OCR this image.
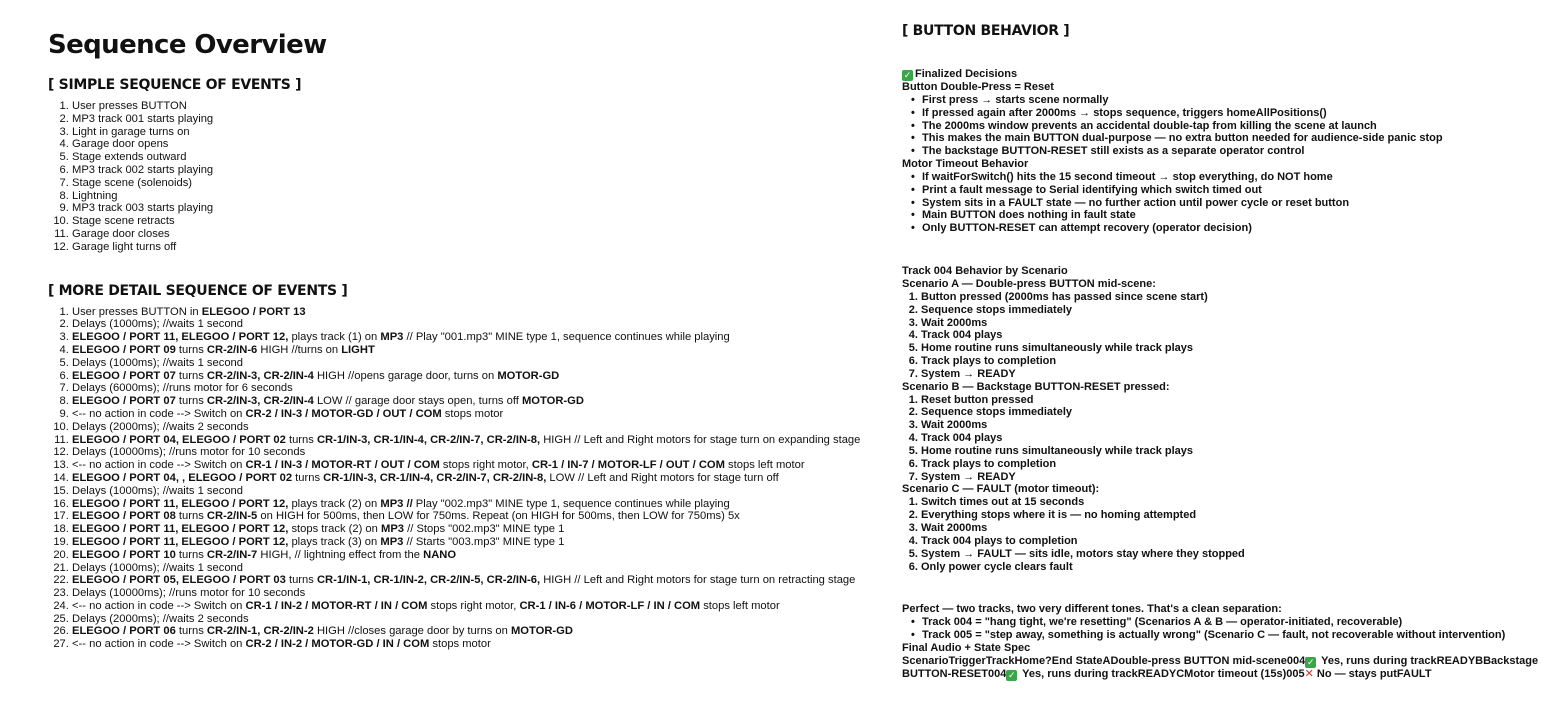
Sequence Overview
[ SIMPLE SEQUENCE OF EVENTS ]
1. User presses BUTTON
2. MP3 track 001 starts playing
3. Light in garage turns on
4. Garage door opens
5. Stage extends outward
6. MP3 track 002 starts playing
7. Stage scene (solenoids)
8. Lightning
9. MP3 track 003 starts playing
10. Stage scene retracts
11. Garage door closes
12. Garage light turns off
[ MORE DETAIL SEQUENCE OF EVENTS ]
1. User presses BUTTON in ELEGOO / PORT 13
2. Delays (1000ms); //waits 1 second
3. ELEGOO / PORT 11, ELEGOO / PORT 12, plays track (1) on MP3 // Play "001.mp3" MINE type 1, sequence continues while playing
4. ELEGOO / PORT 09 turns CR-2/IN-6 HIGH //turns on LIGHT
5. Delays (1000ms); //waits 1 second
6. ELEGOO / PORT 07 turns CR-2/IN-3, CR-2/IN-4 HIGH //opens garage door, turns on MOTOR-GD
7. Delays (6000ms); //runs motor for 6 seconds
8. ELEGOO / PORT 07 turns CR-2/IN-3, CR-2/IN-4 LOW // garage door stays open, turns off MOTOR-GD
9. <-- no action in code --> Switch on CR-2 / IN-3 / MOTOR-GD / OUT / COM stops motor
10. Delays (2000ms); //waits 2 seconds
11. ELEGOO / PORT 04, ELEGOO / PORT 02 turns CR-1/IN-3, CR-1/IN-4, CR-2/IN-7, CR-2/IN-8, HIGH // Left and Right motors for stage turn on expanding stage
12. Delays (10000ms); //runs motor for 10 seconds
13. <-- no action in code --> Switch on CR-1 / IN-3 / MOTOR-RT / OUT / COM stops right motor, CR-1 / IN-7 / MOTOR-LF / OUT / COM stops left motor
14. ELEGOO / PORT 04, , ELEGOO / PORT 02 turns CR-1/IN-3, CR-1/IN-4, CR-2/IN-7, CR-2/IN-8, LOW // Left and Right motors for stage turn off
15. Delays (1000ms); //waits 1 second
16. ELEGOO / PORT 11, ELEGOO / PORT 12, plays track (2) on MP3 // Play "002.mp3" MINE type 1, sequence continues while playing
17. ELEGOO / PORT 08 turns CR-2/IN-5 on HIGH for 500ms, then LOW for 750ms. Repeat (on HIGH for 500ms, then LOW for 750ms) 5x
18. ELEGOO / PORT 11, ELEGOO / PORT 12, stops track (2) on MP3 // Stops "002.mp3" MINE type 1
19. ELEGOO / PORT 11, ELEGOO / PORT 12, plays track (3) on MP3 // Starts "003.mp3" MINE type 1
20. ELEGOO / PORT 10 turns CR-2/IN-7 HIGH, // lightning effect from the NANO
21. Delays (1000ms); //waits 1 second
22. ELEGOO / PORT 05, ELEGOO / PORT 03 turns CR-1/IN-1, CR-1/IN-2, CR-2/IN-5, CR-2/IN-6, HIGH // Left and Right motors for stage turn on retracting stage
23. Delays (10000ms); //runs motor for 10 seconds
24. <-- no action in code --> Switch on CR-1 / IN-2 / MOTOR-RT / IN / COM stops right motor, CR-1 / IN-6 / MOTOR-LF / IN / COM stops left motor
25. Delays (2000ms); //waits 2 seconds
26. ELEGOO / PORT 06 turns CR-2/IN-1, CR-2/IN-2 HIGH //closes garage door by turns on MOTOR-GD
27. <-- no action in code --> Switch on CR-2 / IN-2 / MOTOR-GD / IN / COM stops motor
[ BUTTON BEHAVIOR ]
✓ Finalized Decisions
Button Double-Press = Reset
• First press → starts scene normally
• If pressed again after 2000ms → stops sequence, triggers homeAllPositions()
• The 2000ms window prevents an accidental double-tap from killing the scene at launch
• This makes the main BUTTON dual-purpose — no extra button needed for audience-side panic stop
• The backstage BUTTON-RESET still exists as a separate operator control
Motor Timeout Behavior
• If waitForSwitch() hits the 15 second timeout → stop everything, do NOT home
• Print a fault message to Serial identifying which switch timed out
• System sits in a FAULT state — no further action until power cycle or reset button
• Main BUTTON does nothing in fault state
• Only BUTTON-RESET can attempt recovery (operator decision)
Track 004 Behavior by Scenario
Scenario A — Double-press BUTTON mid-scene:
1. Button pressed (2000ms has passed since scene start)
2. Sequence stops immediately
3. Wait 2000ms
4. Track 004 plays
5. Home routine runs simultaneously while track plays
6. Track plays to completion
7. System → READY
Scenario B — Backstage BUTTON-RESET pressed:
1. Reset button pressed
2. Sequence stops immediately
3. Wait 2000ms
4. Track 004 plays
5. Home routine runs simultaneously while track plays
6. Track plays to completion
7. System → READY
Scenario C — FAULT (motor timeout):
1. Switch times out at 15 seconds
2. Everything stops where it is — no homing attempted
3. Wait 2000ms
4. Track 004 plays to completion
5. System → FAULT — sits idle, motors stay where they stopped
6. Only power cycle clears fault
Perfect — two tracks, two very different tones. That's a clean separation:
• Track 004 = "hang tight, we're resetting" (Scenarios A & B — operator-initiated, recoverable)
• Track 005 = "step away, something is actually wrong" (Scenario C — fault, not recoverable without intervention)
Final Audio + State Spec
ScenarioTriggerTrackHome?End StateADouble-press BUTTON mid-scene004 ✓ Yes, runs during trackREADYBBackstage
BUTTON-RESET004 ✓ Yes, runs during trackREADYCMotor timeout (15s)005✕ No — stays putFAULT
